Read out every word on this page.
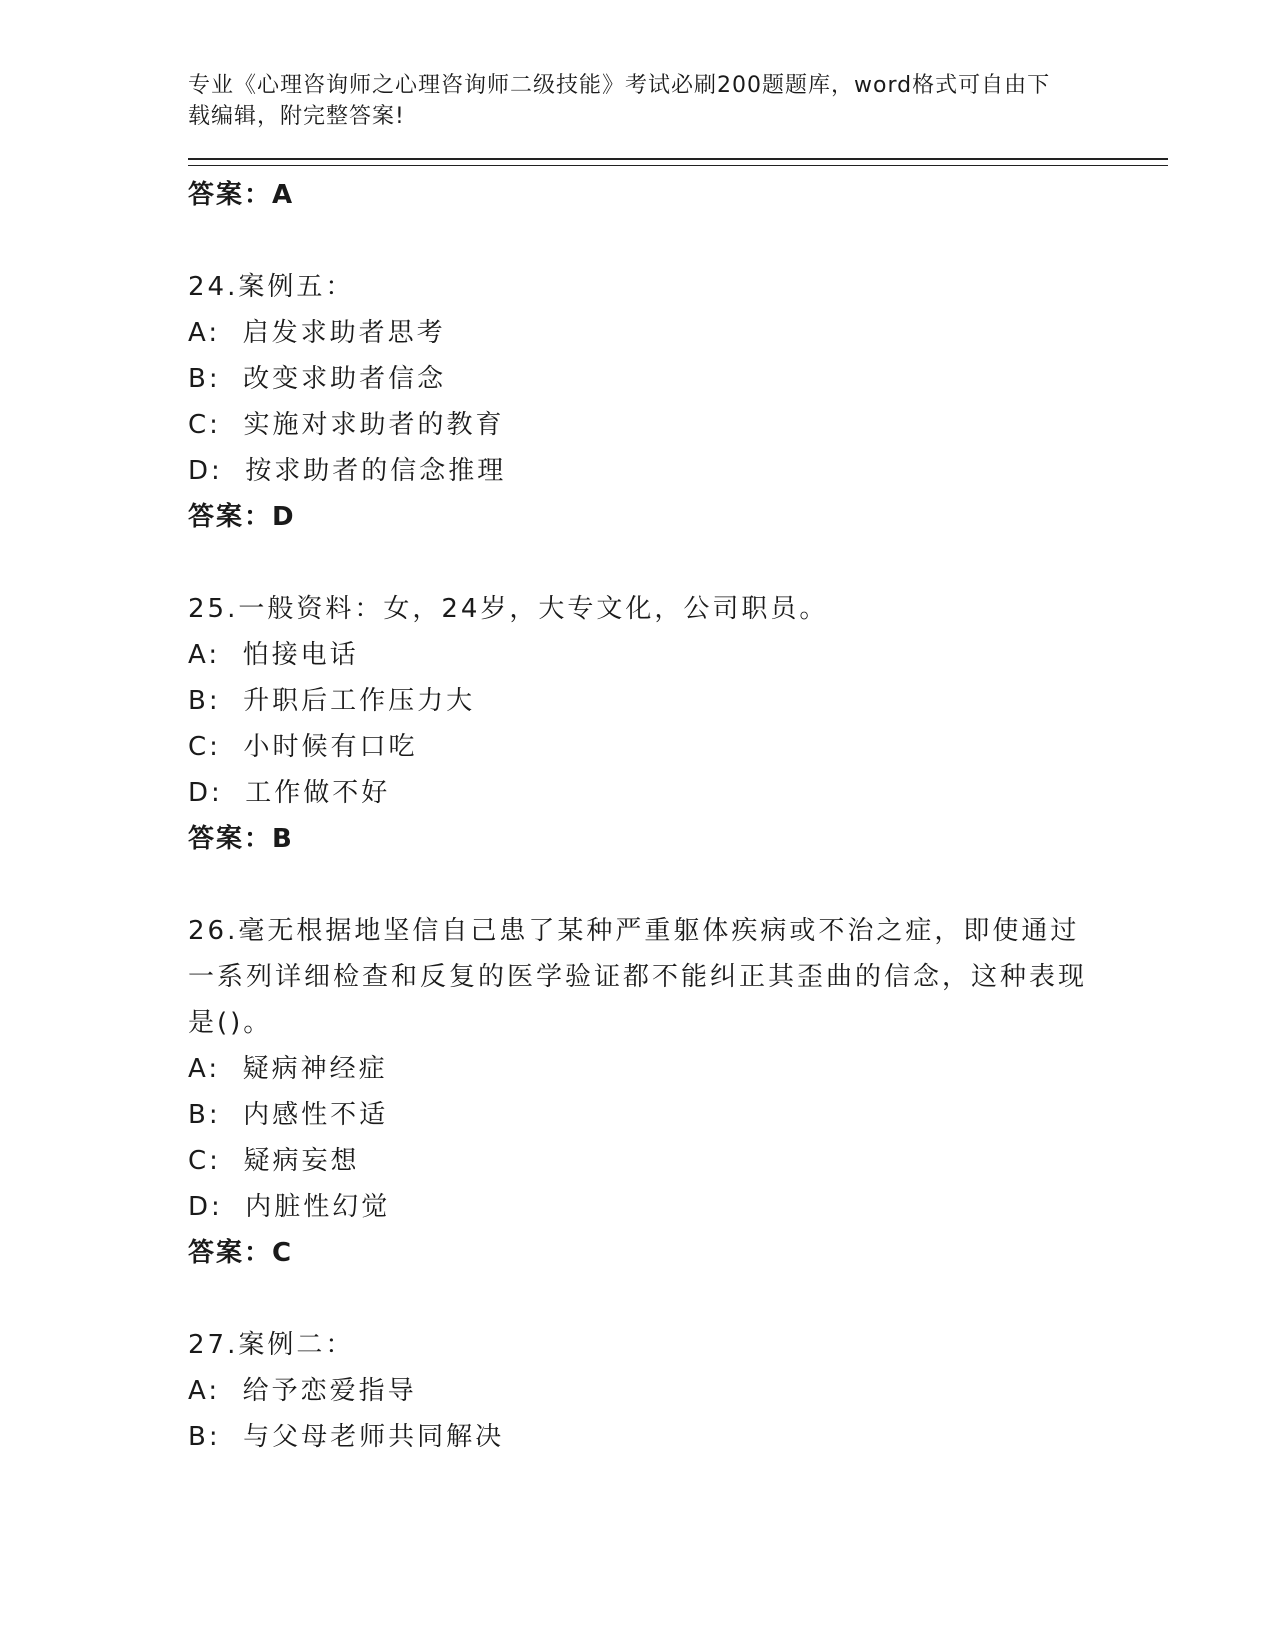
专业《心理咨询师之心理咨询师二级技能》考试必刷200题题库，word格式可自由下载编辑，附完整答案!

答案：A

24.案例五：

A:  启发求助者思考

B:  改变求助者信念

C:  实施对求助者的教育

D:  按求助者的信念推理

答案：D

25.一般资料：女，24岁，大专文化，公司职员。

A:  怕接电话

B:  升职后工作压力大

C:  小时候有口吃

D:  工作做不好

答案：B

26.毫无根据地坚信自己患了某种严重躯体疾病或不治之症，即使通过一系列详细检查和反复的医学验证都不能纠正其歪曲的信念，这种表现是()。

A:  疑病神经症

B:  内感性不适

C:  疑病妄想

D:  内脏性幻觉

答案：C

27.案例二：

A:  给予恋爱指导

B:  与父母老师共同解决
